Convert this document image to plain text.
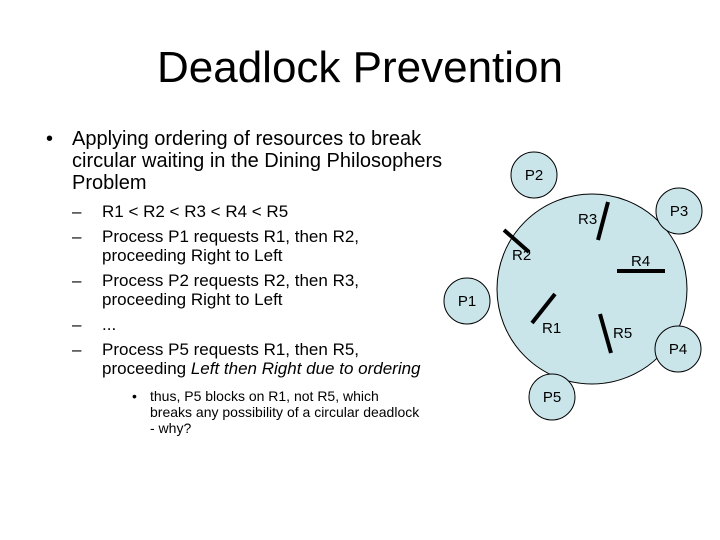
Deadlock Prevention
• Applying ordering of resources to break circular waiting in the Dining Philosophers Problem
– R1 < R2 < R3 < R4 < R5
– Process P1 requests R1, then R2, proceeding Right to Left
– Process P2 requests R2, then R3, proceeding Right to Left
– ...
– Process P5 requests R1, then R5, proceeding Left then Right due to ordering
• thus, P5 blocks on R1, not R5, which breaks any possibility of a circular deadlock - why?
P2
P3
P1
P4
P5
R3
R2	R4
R1	R5
